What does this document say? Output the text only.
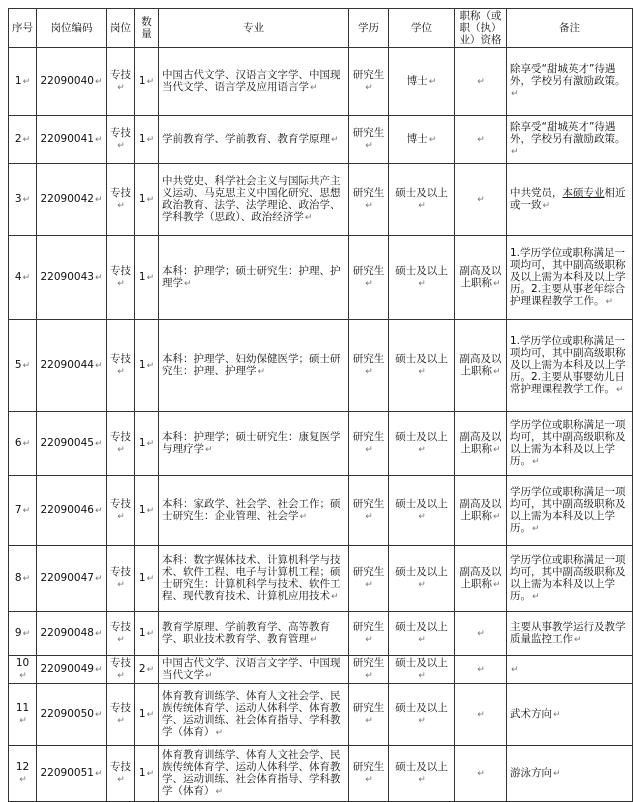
序号	岗位编码	岗位	数量	专业	学历	学位	职称（或职（执）业）资格	备注
1 ↵	22090040 ↵	专技 ↵	1 ↵	中国古代文学、汉语言文字学、中国现当代文学、语言学及应用语言学 ↵	研究生 ↵	博士 ↵	↵	除享受“甜城英才”待遇外，学校另有激励政策。 ↵
2 ↵	22090041 ↵	专技 ↵	1 ↵	学前教育学、学前教育、教育学原理 ↵	研究生 ↵	博士 ↵	↵	除享受“甜城英才”待遇外，学校另有激励政策。 ↵
3 ↵	22090042 ↵	专技 ↵	1 ↵	中共党史、科学社会主义与国际共产主义运动、马克思主义中国化研究、思想政治教育、法学、法学理论、政治学、学科教学（思政）、政治经济学 ↵	研究生 ↵	硕士及以上 ↵	↵	中共党员，本硕专业相近或一致 ↵
4 ↵	22090043 ↵	专技 ↵	1 ↵	本科：护理学；硕士研究生：护理、护理学 ↵	研究生 ↵	硕士及以上 ↵	副高及以上职称 ↵	1.学历学位或职称满足一项均可，其中副高级职称及以上需为本科及以上学历。2.主要从事老年综合护理课程教学工作。 ↵
5 ↵	22090044 ↵	专技 ↵	1 ↵	本科：护理学、妇幼保健医学；硕士研究生：护理、护理学 ↵	研究生 ↵	硕士及以上 ↵	副高及以上职称 ↵	1.学历学位或职称满足一项均可，其中副高级职称及以上需为本科及以上学历。2.主要从事婴幼儿日常护理课程教学工作。 ↵
6 ↵	22090045 ↵	专技 ↵	1 ↵	本科：护理学；硕士研究生：康复医学与理疗学 ↵	研究生 ↵	硕士及以上 ↵	副高及以上职称 ↵	学历学位或职称满足一项均可，其中副高级职称及以上需为本科及以上学历。 ↵
7 ↵	22090046 ↵	专技 ↵	1 ↵	本科：家政学、社会学、社会工作；硕士研究生：企业管理、社会学 ↵	研究生 ↵	硕士及以上 ↵	副高及以上职称 ↵	学历学位或职称满足一项均可，其中副高级职称及以上需为本科及以上学历。 ↵
8 ↵	22090047 ↵	专技 ↵	1 ↵	本科：数字媒体技术、计算机科学与技术、软件工程、电子与计算机工程；硕士研究生：计算机科学与技术、软件工程、现代教育技术、计算机应用技术 ↵	研究生 ↵	硕士及以上 ↵	副高及以上职称 ↵	学历学位或职称满足一项均可，其中副高级职称及以上需为本科及以上学历。 ↵
9 ↵	22090048 ↵	专技 ↵	1 ↵	教育学原理、学前教育学、高等教育学、职业技术教育学、教育管理 ↵	研究生 ↵	硕士及以上 ↵	↵	主要从事教学运行及教学质量监控工作 ↵
10 ↵	22090049 ↵	专技 ↵	2 ↵	中国古代文学、汉语言文字学、中国现当代文学 ↵	研究生 ↵	硕士及以上 ↵	↵	↵
11 ↵	22090050 ↵	专技 ↵	1 ↵	体育教育训练学、体育人文社会学、民族传统体育学、运动人体科学、体育教学、运动训练、社会体育指导、学科教学（体育） ↵	研究生 ↵	硕士及以上 ↵	↵	武术方向 ↵
12 ↵	22090051 ↵	专技 ↵	1 ↵	体育教育训练学、体育人文社会学、民族传统体育学、运动人体科学、体育教学、运动训练、社会体育指导、学科教学（体育） ↵	研究生 ↵	硕士及以上 ↵	↵	游泳方向 ↵
